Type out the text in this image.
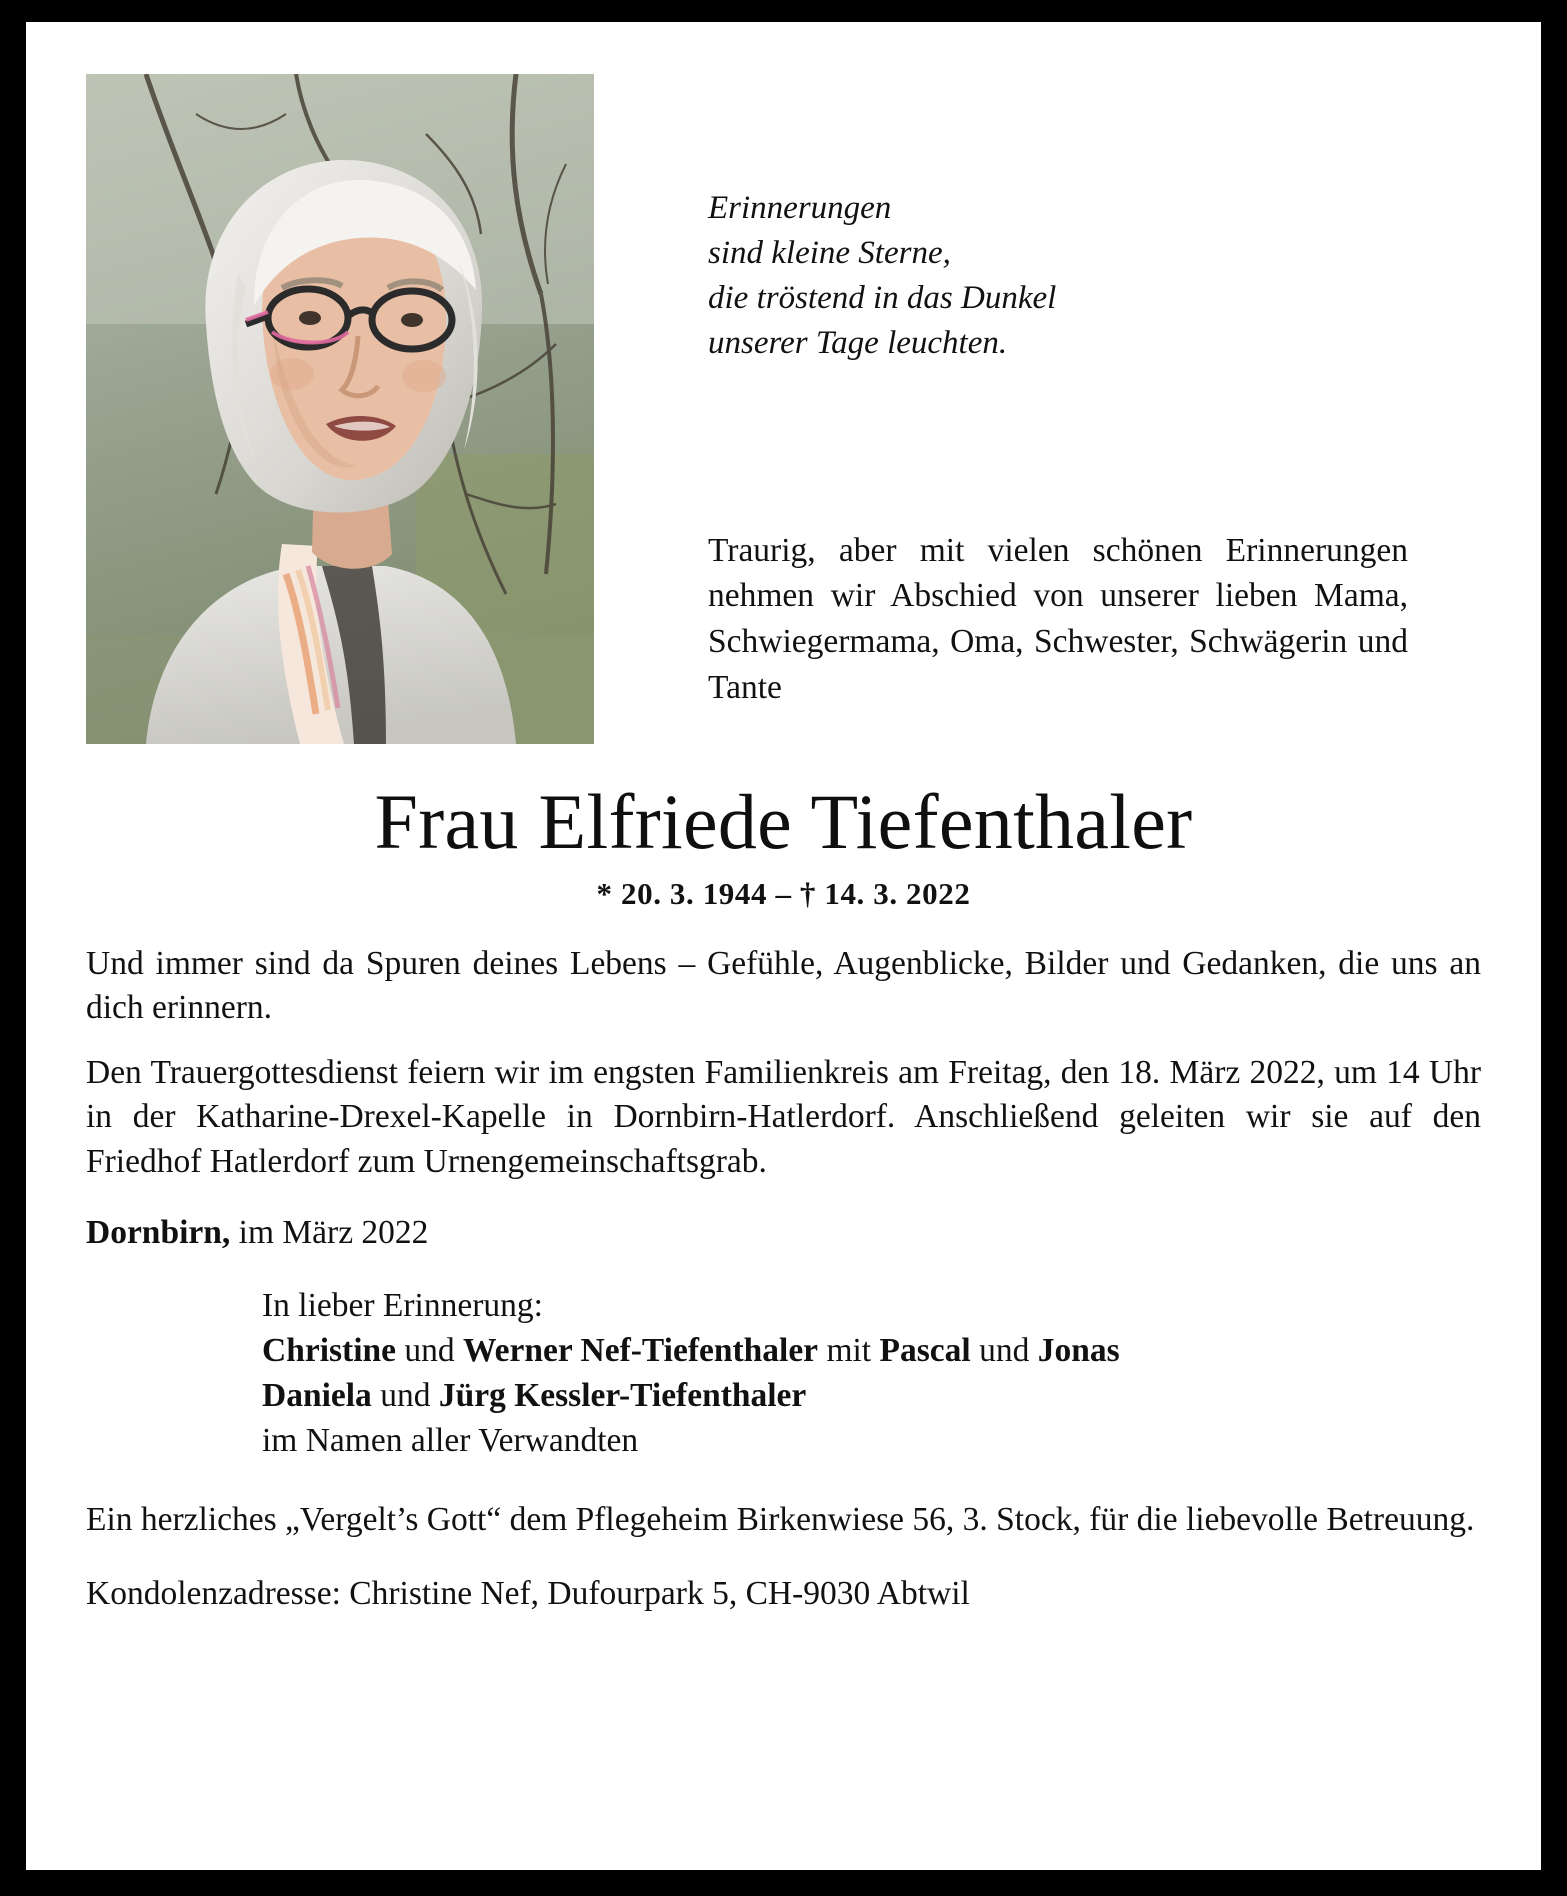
Erinnerungen
sind kleine Sterne,
die tröstend in das Dunkel
unserer Tage leuchten.
Traurig, aber mit vielen schönen Erinnerungen nehmen wir Abschied von unserer lieben Mama, Schwiegermama, Oma, Schwester, Schwägerin und Tante
Frau Elfriede Tiefenthaler
* 20. 3. 1944 – † 14. 3. 2022
Und immer sind da Spuren deines Lebens – Gefühle, Augenblicke, Bilder und Gedanken, die uns an dich erinnern.
Den Trauergottesdienst feiern wir im engsten Familienkreis am Freitag, den 18. März 2022, um 14 Uhr in der Katharine-Drexel-Kapelle in Dornbirn-Hatlerdorf. Anschließend geleiten wir sie auf den Friedhof Hatlerdorf zum Urnengemeinschaftsgrab.
Dornbirn, im März 2022
In lieber Erinnerung:
Christine und Werner Nef-Tiefenthaler mit Pascal und Jonas
Daniela und Jürg Kessler-Tiefenthaler
im Namen aller Verwandten
Ein herzliches „Vergelt’s Gott“ dem Pflegeheim Birkenwiese 56, 3. Stock, für die liebevolle Betreuung.
Kondolenzadresse: Christine Nef, Dufourpark 5, CH-9030 Abtwil
